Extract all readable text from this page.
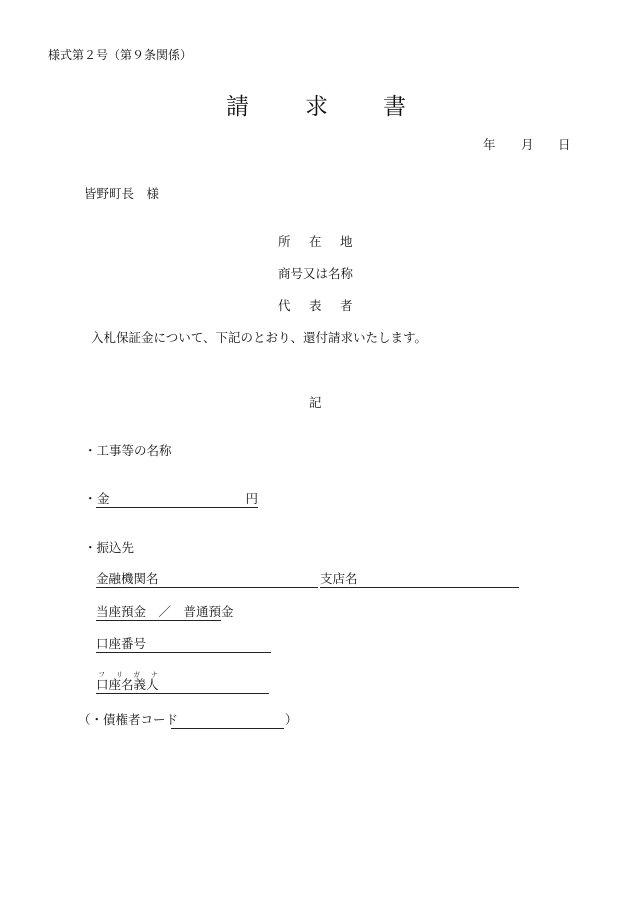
様式第２号（第９条関係）
請 求 書
年 月 日
皆野町長　様
所 在 地
商号又は名称
代 表 者
入札保証金について、下記のとおり、還付請求いたします。
記
・工事等の名称
・ 金	円
・振込先
金融機関名	支店名
当座預金　／　普通預金
口座番号
フ リ ガ ナ
口座名義人
（・債権者コード	）
